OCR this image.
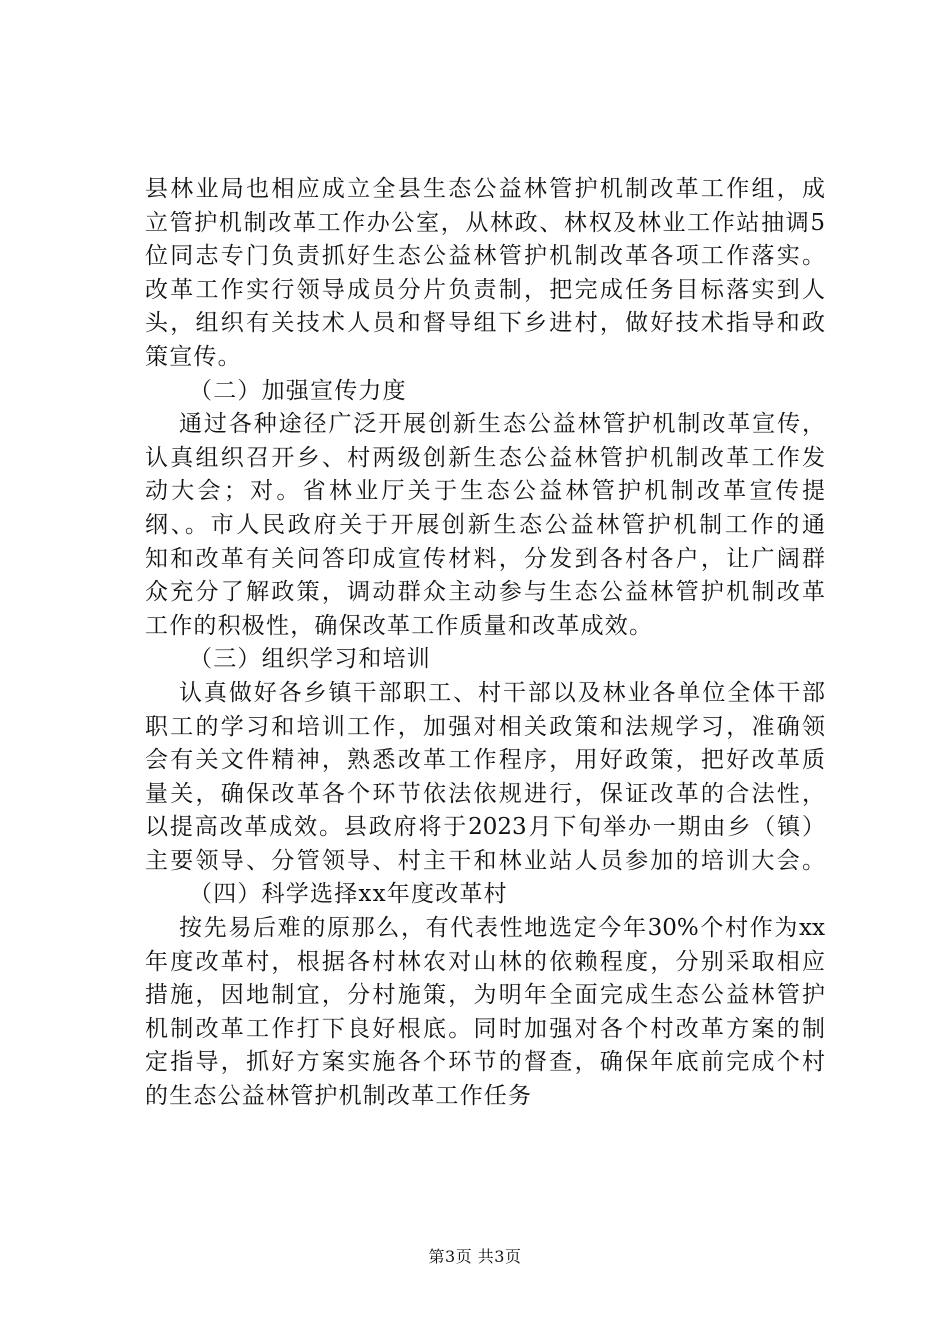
县林业局也相应成立全县生态公益林管护机制改革工作组，成
立管护机制改革工作办公室，从林政、林权及林业工作站抽调5
位同志专门负责抓好生态公益林管护机制改革各项工作落实。
改革工作实行领导成员分片负责制，把完成任务目标落实到人
头，组织有关技术人员和督导组下乡进村，做好技术指导和政
策宣传。
（二）加强宣传力度
通过各种途径广泛开展创新生态公益林管护机制改革宣传，
认真组织召开乡、村两级创新生态公益林管护机制改革工作发
动大会；对。省林业厅关于生态公益林管护机制改革宣传提
纲、。市人民政府关于开展创新生态公益林管护机制工作的通
知和改革有关问答印成宣传材料，分发到各村各户，让广阔群
众充分了解政策，调动群众主动参与生态公益林管护机制改革
工作的积极性，确保改革工作质量和改革成效。
（三）组织学习和培训
认真做好各乡镇干部职工、村干部以及林业各单位全体干部
职工的学习和培训工作，加强对相关政策和法规学习，准确领
会有关文件精神，熟悉改革工作程序，用好政策，把好改革质
量关，确保改革各个环节依法依规进行，保证改革的合法性，
以提高改革成效。县政府将于2023月下旬举办一期由乡（镇）
主要领导、分管领导、村主干和林业站人员参加的培训大会。
（四）科学选择xx年度改革村
按先易后难的原那么，有代表性地选定今年30%个村作为xx
年度改革村，根据各村林农对山林的依赖程度，分别采取相应
措施，因地制宜，分村施策，为明年全面完成生态公益林管护
机制改革工作打下良好根底。同时加强对各个村改革方案的制
定指导，抓好方案实施各个环节的督查，确保年底前完成个村
的生态公益林管护机制改革工作任务
第3页 共3页
